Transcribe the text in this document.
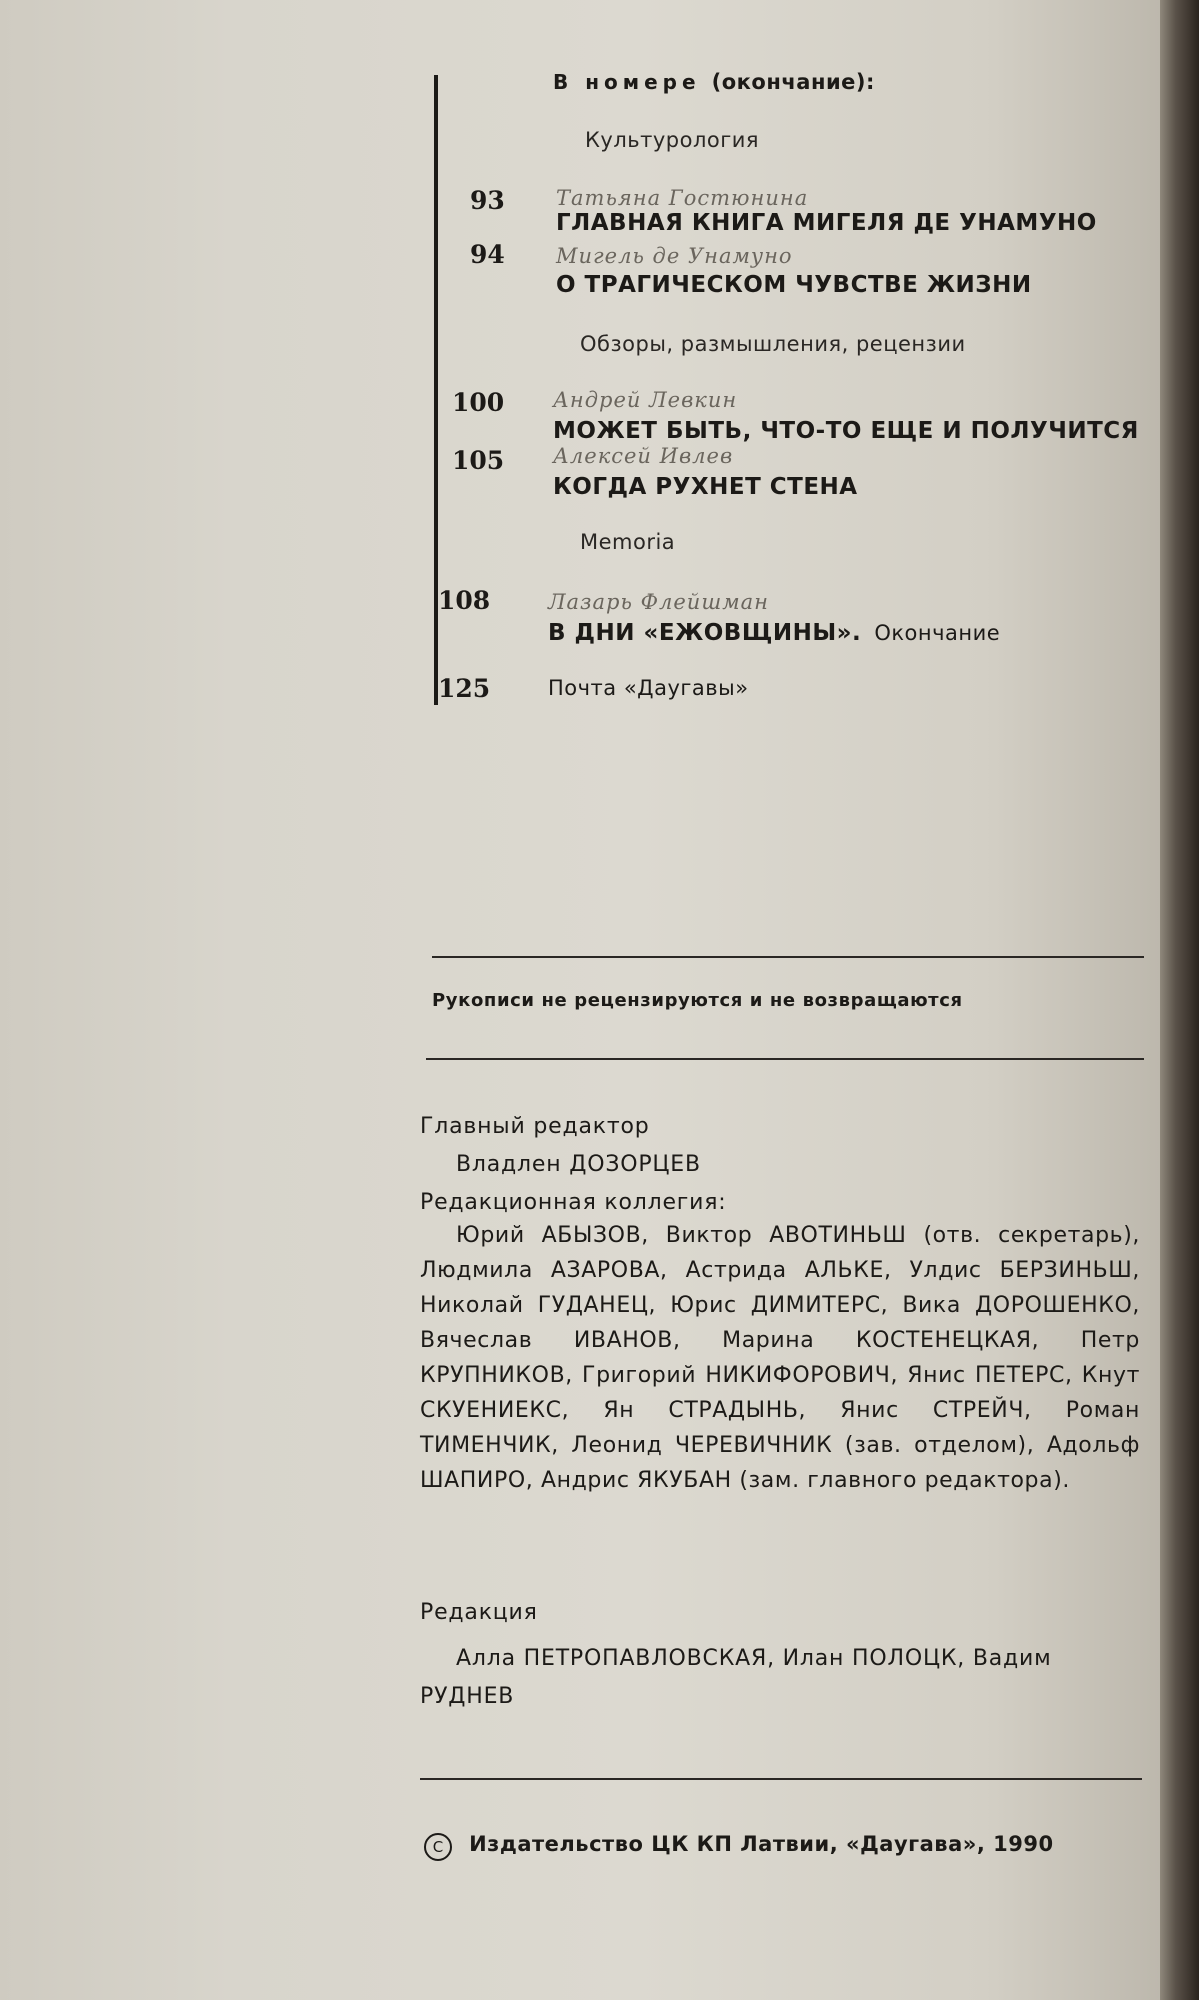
В номере (окончание):
Культурология
93 Татьяна Гостюнина
ГЛАВНАЯ КНИГА МИГЕЛЯ ДЕ УНАМУНО
94 Мигель де Унамуно
О ТРАГИЧЕСКОМ ЧУВСТВЕ ЖИЗНИ
Обзоры, размышления, рецензии
100 Андрей Левкин
МОЖЕТ БЫТЬ, ЧТО-ТО ЕЩЕ И ПОЛУЧИТСЯ
105 Алексей Ивлев
КОГДА РУХНЕТ СТЕНА
Memoria
108	Лазарь Флейшман
В ДНИ «ЕЖОВЩИНЫ». Окончание
125	Почта «Даугавы»
Рукописи не рецензируются и не возвращаются
Главный редактор
Владлен ДОЗОРЦЕВ
Редакционная коллегия:
Юрий АБЫЗОВ, Виктор АВОТИНЬШ (отв. секретарь), Людмила АЗАРОВА, Астрида АЛЬКЕ, Улдис БЕРЗИНЬШ, Николай ГУДАНЕЦ, Юрис ДИМИТЕРС, Вика ДОРОШЕНКО, Вячеслав ИВАНОВ, Марина КОСТЕНЕЦКАЯ, Петр КРУПНИКОВ, Григорий НИКИФОРОВИЧ, Янис ПЕТЕРС, Кнут СКУЕНИЕКС, Ян СТРАДЫНЬ, Янис СТРЕЙЧ, Роман ТИМЕНЧИК, Леонид ЧЕРЕВИЧНИК (зав. отделом), Адольф ШАПИРО, Андрис ЯКУБАН (зам. главного редактора).
Редакция
Алла ПЕТРОПАВЛОВСКАЯ, Илан ПОЛОЦК, Вадим РУДНЕВ
C Издательство ЦК КП Латвии, «Даугава», 1990
